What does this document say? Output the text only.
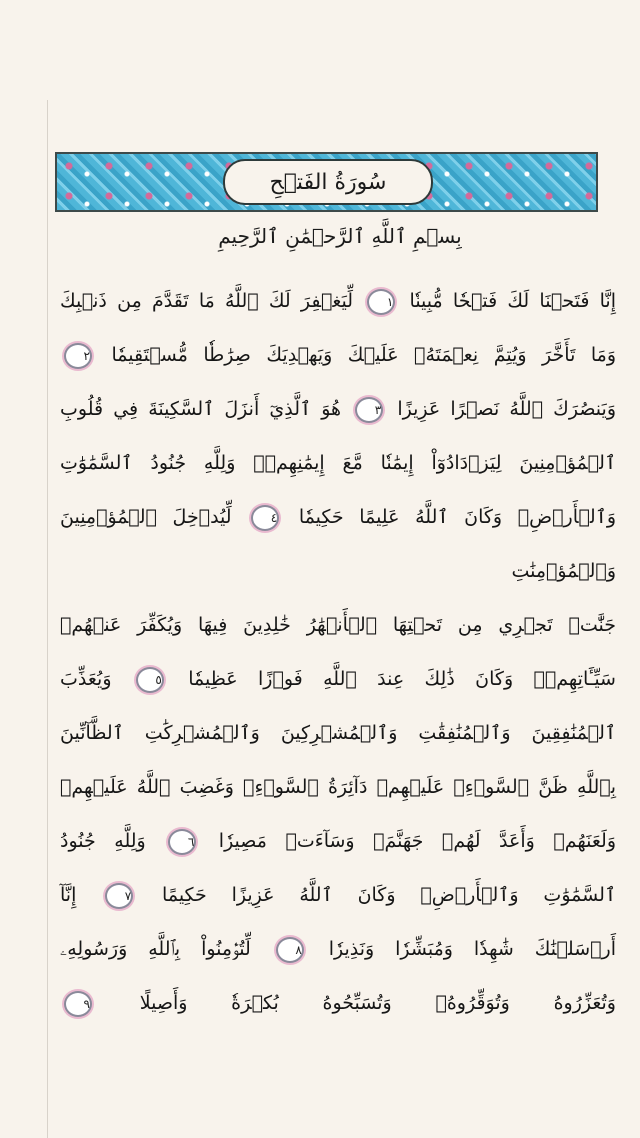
سُورَةُ الفَتۡحِ
بِسۡمِ ٱللَّهِ ٱلرَّحۡمَٰنِ ٱلرَّحِيمِ
إِنَّا فَتَحۡنَا لَكَ فَتۡحٗا مُّبِينٗا ١ لِّيَغۡفِرَ لَكَ ٱللَّهُ مَا تَقَدَّمَ مِن ذَنۢبِكَ
وَمَا تَأَخَّرَ وَيُتِمَّ نِعۡمَتَهُۥ عَلَيۡكَ وَيَهۡدِيَكَ صِرَٰطٗا مُّسۡتَقِيمٗا ٢
وَيَنصُرَكَ ٱللَّهُ نَصۡرًا عَزِيزًا ٣ هُوَ ٱلَّذِيٓ أَنزَلَ ٱلسَّكِينَةَ فِي قُلُوبِ
ٱلۡمُؤۡمِنِينَ لِيَزۡدَادُوٓاْ إِيمَٰنٗا مَّعَ إِيمَٰنِهِمۡۗ وَلِلَّهِ جُنُودُ ٱلسَّمَٰوَٰتِ
وَٱلۡأَرۡضِۚ وَكَانَ ٱللَّهُ عَلِيمًا حَكِيمٗا ٤ لِّيُدۡخِلَ ٱلۡمُؤۡمِنِينَ وَٱلۡمُؤۡمِنَٰتِ
جَنَّٰتٖ تَجۡرِي مِن تَحۡتِهَا ٱلۡأَنۡهَٰرُ خَٰلِدِينَ فِيهَا وَيُكَفِّرَ عَنۡهُمۡ
سَيِّـَٔاتِهِمۡۚ وَكَانَ ذَٰلِكَ عِندَ ٱللَّهِ فَوۡزًا عَظِيمٗا ٥ وَيُعَذِّبَ
ٱلۡمُنَٰفِقِينَ وَٱلۡمُنَٰفِقَٰتِ وَٱلۡمُشۡرِكِينَ وَٱلۡمُشۡرِكَٰتِ ٱلظَّآنِّينَ
بِٱللَّهِ ظَنَّ ٱلسَّوۡءِۚ عَلَيۡهِمۡ دَآئِرَةُ ٱلسَّوۡءِۖ وَغَضِبَ ٱللَّهُ عَلَيۡهِمۡ
وَلَعَنَهُمۡ وَأَعَدَّ لَهُمۡ جَهَنَّمَۖ وَسَآءَتۡ مَصِيرٗا ٦ وَلِلَّهِ جُنُودُ
ٱلسَّمَٰوَٰتِ وَٱلۡأَرۡضِۚ وَكَانَ ٱللَّهُ عَزِيزًا حَكِيمًا ٧ إِنَّآ
أَرۡسَلۡنَٰكَ شَٰهِدٗا وَمُبَشِّرٗا وَنَذِيرٗا ٨ لِّتُؤۡمِنُواْ بِٱللَّهِ وَرَسُولِهِۦ
وَتُعَزِّرُوهُ وَتُوَقِّرُوهُۚ وَتُسَبِّحُوهُ بُكۡرَةٗ وَأَصِيلًا ٩
